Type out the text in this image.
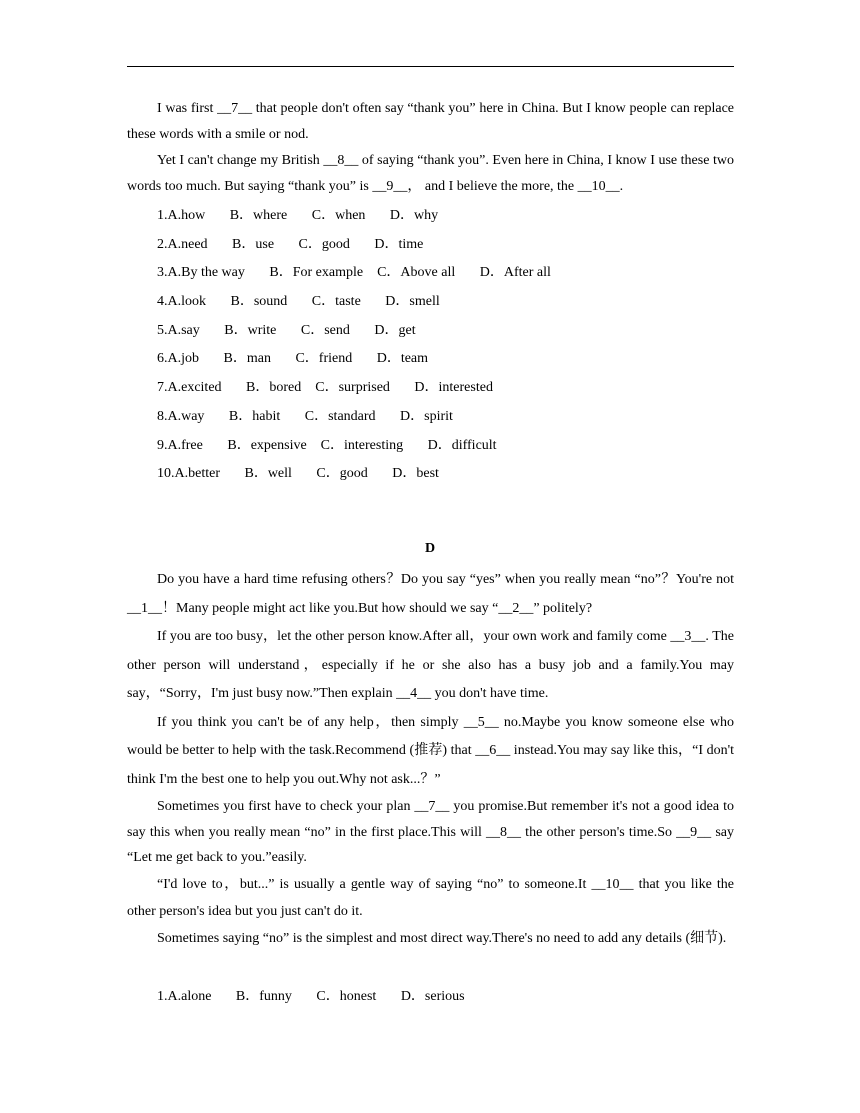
I was first __7__ that people don't often say “thank you” here in China. But I know people can replace these words with a smile or nod.

Yet I can't change my British __8__ of saying “thank you”. Even here in China, I know I use these two words too much. But saying “thank you” is __9__， and I believe the more, the __10__.

1.A.how       B．where       C．when       D．why
2.A.need       B．use       C．good       D．time
3.A.By the way       B．For example    C．Above all       D．After all
4.A.look       B．sound       C．taste       D．smell
5.A.say       B．write       C．send       D．get
6.A.job       B．man       C．friend       D．team
7.A.excited       B．bored    C．surprised       D．interested
8.A.way       B．habit       C．standard       D．spirit
9.A.free       B．expensive    C．interesting       D．difficult
10.A.better       B．well       C．good       D．best
D

Do you have a hard time refusing others？Do you say “yes” when you really mean “no”？You're not __1__！Many people might act like you.But how should we say “__2__” politely?

If you are too busy，let the other person know.After all，your own work and family come __3__. The other person will understand，especially if he or she also has a busy job and a family.You may say，“Sorry，I'm just busy now.”Then explain __4__ you don't have time.

If you think you can't be of any help，then simply __5__ no.Maybe you know someone else who would be better to help with the task.Recommend (推荐) that __6__ instead.You may say like this，“I don't think I'm the best one to help you out.Why not ask...？”

Sometimes you first have to check your plan __7__ you promise.But remember it's not a good idea to say this when you really mean “no” in the first place.This will __8__ the other person's time.So __9__ say “Let me get back to you.”easily.

“I'd love to，but...” is usually a gentle way of saying “no” to someone.It __10__ that you like the other person's idea but you just can't do it.

Sometimes saying “no” is the simplest and most direct way.There's no need to add any details (细节).

1.A.alone       B．funny       C．honest       D．serious
